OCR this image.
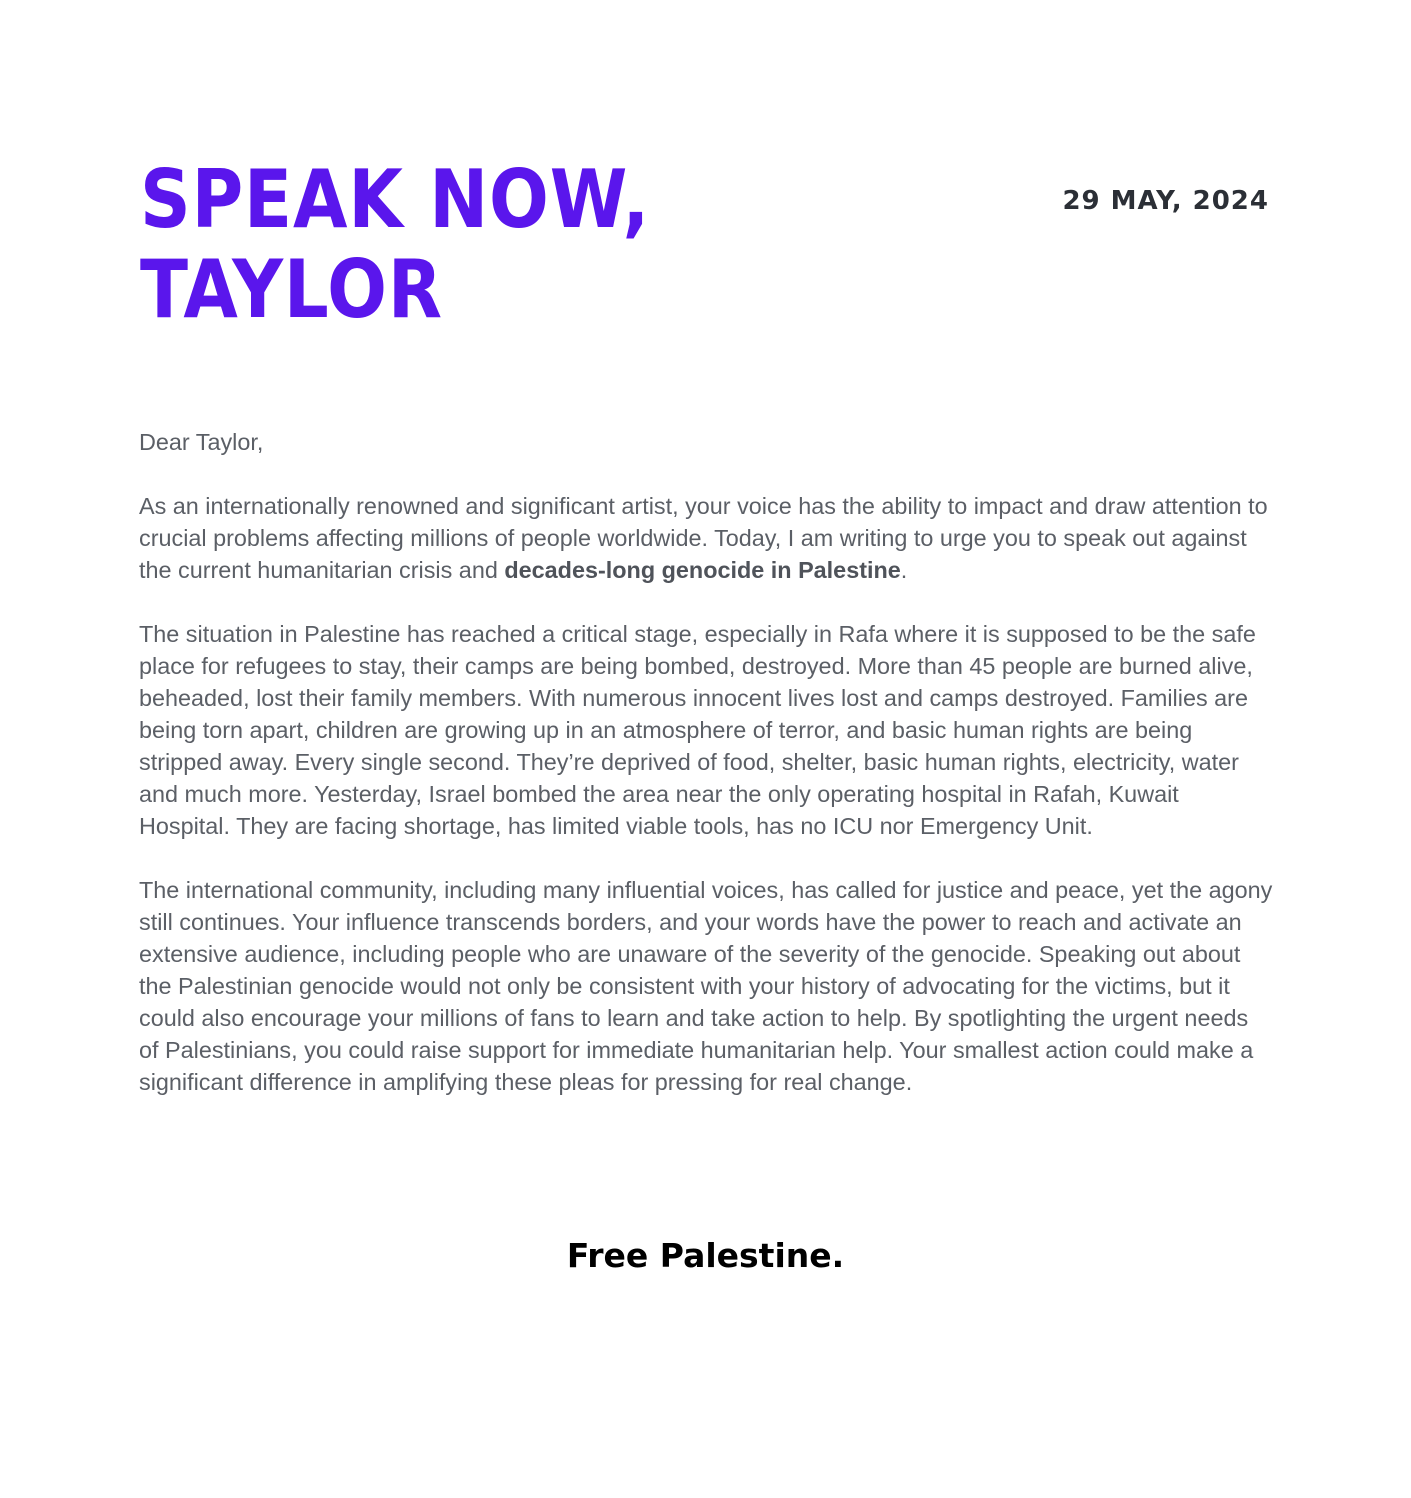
SPEAK NOW,
TAYLOR
29 MAY, 2024

Dear Taylor,

As an internationally renowned and significant artist, your voice has the ability to impact and draw attention to crucial problems affecting millions of people worldwide. Today, I am writing to urge you to speak out against the current humanitarian crisis and decades-long genocide in Palestine.

The situation in Palestine has reached a critical stage, especially in Rafa where it is supposed to be the safe place for refugees to stay, their camps are being bombed, destroyed. More than 45 people are burned alive, beheaded, lost their family members. With numerous innocent lives lost and camps destroyed. Families are being torn apart, children are growing up in an atmosphere of terror, and basic human rights are being stripped away. Every single second. They’re deprived of food, shelter, basic human rights, electricity, water and much more. Yesterday, Israel bombed the area near the only operating hospital in Rafah, Kuwait Hospital. They are facing shortage, has limited viable tools, has no ICU nor Emergency Unit.

The international community, including many influential voices, has called for justice and peace, yet the agony still continues. Your influence transcends borders, and your words have the power to reach and activate an extensive audience, including people who are unaware of the severity of the genocide. Speaking out about the Palestinian genocide would not only be consistent with your history of advocating for the victims, but it could also encourage your millions of fans to learn and take action to help. By spotlighting the urgent needs of Palestinians, you could raise support for immediate humanitarian help. Your smallest action could make a significant difference in amplifying these pleas for pressing for real change.

Free Palestine.
